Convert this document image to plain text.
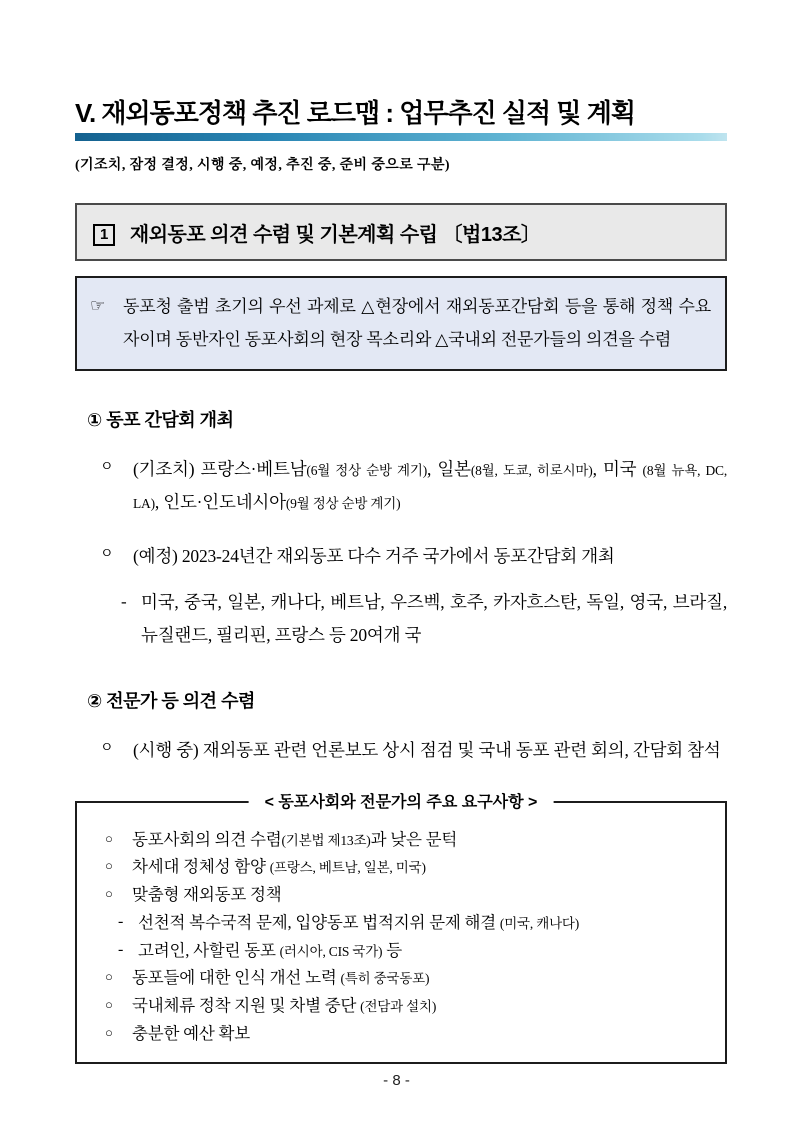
V. 재외동포정책 추진 로드맵 : 업무추진 실적 및 계획
(기조치, 잠정 결정, 시행 중, 예정, 추진 중, 준비 중으로 구분)
1 재외동포 의견 수렴 및 기본계획 수립 〔법13조〕
☞ 동포청 출범 초기의 우선 과제로 △현장에서 재외동포간담회 등을 통해 정책 수요자이며 동반자인 동포사회의 현장 목소리와 △국내외 전문가들의 의견을 수렴
① 동포 간담회 개최
ㅇ (기조치) 프랑스·베트남(6월 정상 순방 계기), 일본(8월, 도쿄, 히로시마), 미국 (8월 뉴욕, DC, LA), 인도·인도네시아(9월 정상 순방 계기)
ㅇ (예정) 2023-24년간 재외동포 다수 거주 국가에서 동포간담회 개최
- 미국, 중국, 일본, 캐나다, 베트남, 우즈벡, 호주, 카자흐스탄, 독일, 영국, 브라질, 뉴질랜드, 필리핀, 프랑스 등 20여개 국
② 전문가 등 의견 수렴
ㅇ (시행 중) 재외동포 관련 언론보도 상시 점검 및 국내 동포 관련 회의, 간담회 참석
< 동포사회와 전문가의 주요 요구사항 >
○ 동포사회의 의견 수렴(기본법 제13조)과 낮은 문턱
○ 차세대 정체성 함양 (프랑스, 베트남, 일본, 미국)
○ 맞춤형 재외동포 정책
- 선천적 복수국적 문제, 입양동포 법적지위 문제 해결 (미국, 캐나다)
- 고려인, 사할린 동포 (러시아, CIS 국가) 등
○ 동포들에 대한 인식 개선 노력 (특히 중국동포)
○ 국내체류 정착 지원 및 차별 중단 (전담과 설치)
○ 충분한 예산 확보
- 8 -
